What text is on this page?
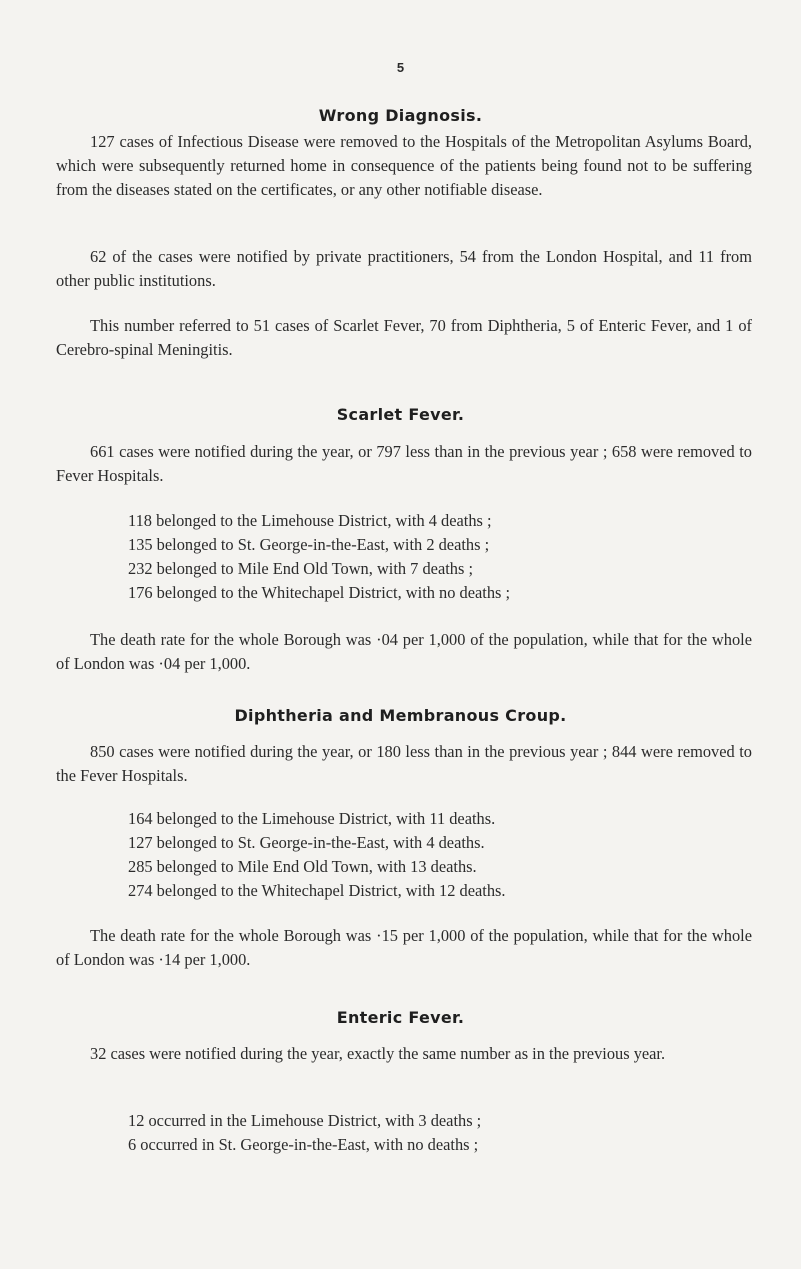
5
Wrong Diagnosis.

127 cases of Infectious Disease were removed to the Hospitals of the Metropolitan Asylums Board, which were subsequently returned home in consequence of the patients being found not to be suffering from the diseases stated on the certificates, or any other notifiable disease.

62 of the cases were notified by private practitioners, 54 from the London Hospital, and 11 from other public institutions.

This number referred to 51 cases of Scarlet Fever, 70 from Diphtheria, 5 of Enteric Fever, and 1 of Cerebro-spinal Meningitis.

Scarlet Fever.

661 cases were notified during the year, or 797 less than in the previous year ; 658 were removed to Fever Hospitals.

118 belonged to the Limehouse District, with 4 deaths ;
135 belonged to St. George-in-the-East, with 2 deaths ;
232 belonged to Mile End Old Town, with 7 deaths ;
176 belonged to the Whitechapel District, with no deaths ;

The death rate for the whole Borough was ·04 per 1,000 of the population, while that for the whole of London was ·04 per 1,000.

Diphtheria and Membranous Croup.

850 cases were notified during the year, or 180 less than in the previous year ; 844 were removed to the Fever Hospitals.

164 belonged to the Limehouse District, with 11 deaths.
127 belonged to St. George-in-the-East, with 4 deaths.
285 belonged to Mile End Old Town, with 13 deaths.
274 belonged to the Whitechapel District, with 12 deaths.

The death rate for the whole Borough was ·15 per 1,000 of the population, while that for the whole of London was ·14 per 1,000.

Enteric Fever.

32 cases were notified during the year, exactly the same number as in the previous year.

12 occurred in the Limehouse District, with 3 deaths ;
6 occurred in St. George-in-the-East, with no deaths ;
